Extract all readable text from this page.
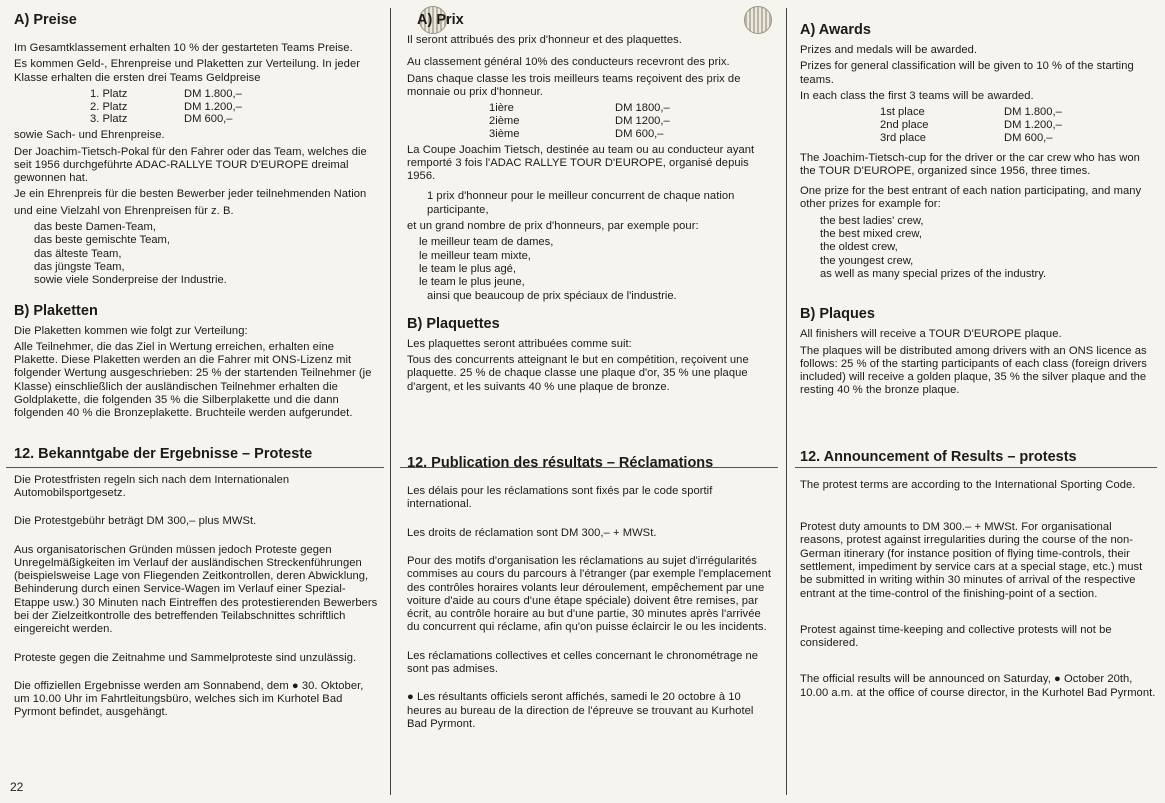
A) Preise
Im Gesamtklassement erhalten 10 % der gestarteten Teams Preise.
Es kommen Geld-, Ehrenpreise und Plaketten zur Verteilung. In jeder Klasse erhalten die ersten drei Teams Geldpreise
1. Platz	DM 1.800,–
2. Platz	DM 1.200,–
3. Platz	DM 600,–
sowie Sach- und Ehrenpreise.
Der Joachim-Tietsch-Pokal für den Fahrer oder das Team, welches die seit 1956 durchgeführte ADAC-RALLYE TOUR D'EUROPE dreimal gewonnen hat.
Je ein Ehrenpreis für die besten Bewerber jeder teilnehmenden Nation
und eine Vielzahl von Ehrenpreisen für z. B.
das beste Damen-Team,
das beste gemischte Team,
das älteste Team,
das jüngste Team,
sowie viele Sonderpreise der Industrie.
B) Plaketten
Die Plaketten kommen wie folgt zur Verteilung:
Alle Teilnehmer, die das Ziel in Wertung erreichen, erhalten eine Plakette. Diese Plaketten werden an die Fahrer mit ONS-Lizenz mit folgender Wertung ausgeschrieben: 25 % der startenden Teilnehmer (je Klasse) einschließlich der ausländischen Teilnehmer erhalten die Goldplakette, die folgenden 35 % die Silberplakette und die dann folgenden 40 % die Bronzeplakette. Bruchteile werden aufgerundet.
12. Bekanntgabe der Ergebnisse – Proteste
Die Protestfristen regeln sich nach dem Internationalen Automobilsportgesetz.
Die Protestgebühr beträgt DM 300,– plus MWSt.
Aus organisatorischen Gründen müssen jedoch Proteste gegen Unregelmäßigkeiten im Verlauf der ausländischen Streckenführungen (beispielsweise Lage von Fliegenden Zeitkontrollen, deren Abwicklung, Behinderung durch einen Service-Wagen im Verlauf einer Spezial-Etappe usw.) 30 Minuten nach Eintreffen des protestierenden Bewerbers bei der Zielzeitkontrolle des betreffenden Teilabschnittes schriftlich eingereicht werden.
Proteste gegen die Zeitnahme und Sammelproteste sind unzulässig.
Die offiziellen Ergebnisse werden am Sonnabend, dem ● 30. Oktober, um 10.00 Uhr im Fahrtleitungsbüro, welches sich im Kurhotel Bad Pyrmont befindet, ausgehängt.
A) Prix
Il seront attribués des prix d'honneur et des plaquettes.
Au classement général 10% des conducteurs recevront des prix.
Dans chaque classe les trois meilleurs teams reçoivent des prix de monnaie ou prix d'honneur.
1ière	DM 1800,–
2ième	DM 1200,–
3ième	DM 600,–
La Coupe Joachim Tietsch, destinée au team ou au conducteur ayant remporté 3 fois l'ADAC RALLYE TOUR D'EUROPE, organisé depuis 1956.
1 prix d'honneur pour le meilleur concurrent de chaque nation participante,
et un grand nombre de prix d'honneurs, par exemple pour:
le meilleur team de dames,
le meilleur team mixte,
le team le plus agé,
le team le plus jeune,
ainsi que beaucoup de prix spéciaux de l'industrie.
B) Plaquettes
Les plaquettes seront attribuées comme suit:
Tous des concurrents atteignant le but en compétition, reçoivent une plaquette. 25 % de chaque classe une plaque d'or, 35 % une plaque d'argent, et les suivants 40 % une plaque de bronze.
12. Publication des résultats – Réclamations
Les délais pour les réclamations sont fixés par le code sportif international.
Les droits de réclamation sont DM 300,– + MWSt.
Pour des motifs d'organisation les réclamations au sujet d'irrégularités commises au cours du parcours à l'étranger (par exemple l'emplacement des contrôles horaires volants leur déroulement, empêchement par une voiture d'aide au cours d'une étape spéciale) doivent être remises, par écrit, au contrôle horaire au but d'une partie, 30 minutes après l'arrivée du concurrent qui réclame, afin qu'on puisse éclaircir le ou les incidents.
Les réclamations collectives et celles concernant le chronométrage ne sont pas admises.
● Les résultants officiels seront affichés, samedi le 20 octobre à 10 heures au bureau de la direction de l'épreuve se trouvant au Kurhotel Bad Pyrmont.
A) Awards
Prizes and medals will be awarded.
Prizes for general classification will be given to 10 % of the starting teams.
In each class the first 3 teams will be awarded.
1st place	DM 1.800,–
2nd place	DM 1.200,–
3rd place	DM 600,–
The Joachim-Tietsch-cup for the driver or the car crew who has won the TOUR D'EUROPE, organized since 1956, three times.
One prize for the best entrant of each nation participating, and many other prizes for example for:
the best ladies' crew,
the best mixed crew,
the oldest crew,
the youngest crew,
as well as many special prizes of the industry.
B) Plaques
All finishers will receive a TOUR D'EUROPE plaque.
The plaques will be distributed among drivers with an ONS licence as follows: 25 % of the starting participants of each class (foreign drivers included) will receive a golden plaque, 35 % the silver plaque and the resting 40 % the bronze plaque.
12. Announcement of Results – protests
The protest terms are according to the International Sporting Code.
Protest duty amounts to DM 300.– + MWSt. For organisational reasons, protest against irregularities during the course of the non-German itinerary (for instance position of flying time-controls, their settlement, impediment by service cars at a special stage, etc.) must be submitted in writing within 30 minutes of arrival of the respective entrant at the time-control of the finishing-point of a section.
Protest against time-keeping and collective protests will not be considered.
The official results will be announced on Saturday, ● October 20th, 10.00 a.m. at the office of course director, in the Kurhotel Bad Pyrmont.
22
